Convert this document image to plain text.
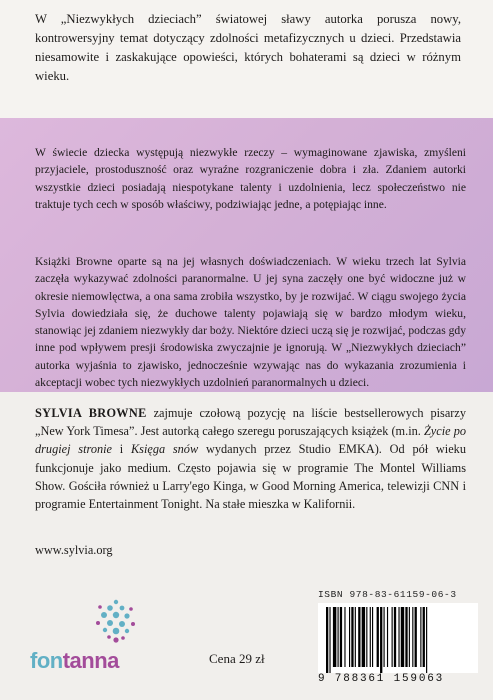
W „Niezwykłych dzieciach” światowej sławy autorka porusza nowy, kontrowersyjny temat dotyczący zdolności metafizycznych u dzieci. Przedstawia niesamowite i zaskakujące opowieści, których bohaterami są dzieci w różnym wieku.

W świecie dziecka występują niezwykłe rzeczy – wymaginowane zjawiska, zmyśleni przyjaciele, prostoduszność oraz wyraźne rozgraniczenie dobra i zła. Zdaniem autorki wszystkie dzieci posiadają niespotykane talenty i uzdolnienia, lecz społeczeństwo nie traktuje tych cech w sposób właściwy, podziwiając jedne, a potępiając inne.

Książki Browne oparte są na jej własnych doświadczeniach. W wieku trzech lat Sylvia zaczęła wykazywać zdolności paranormalne. U jej syna zaczęły one być widoczne już w okresie niemowlęctwa, a ona sama zrobiła wszystko, by je rozwijać. W ciągu swojego życia Sylvia dowiedziała się, że duchowe talenty pojawiają się w bardzo młodym wieku, stanowiąc jej zdaniem niezwykły dar boży. Niektóre dzieci uczą się je rozwijać, podczas gdy inne pod wpływem presji środowiska zwyczajnie je ignorują. W „Niezwykłych dzieciach” autorka wyjaśnia to zjawisko, jednocześnie wzywając nas do wykazania zrozumienia i akceptacji wobec tych niezwykłych uzdolnień paranormalnych u dzieci.

SYLVIA BROWNE zajmuje czołową pozycję na liście bestsellerowych pisarzy „New York Timesa”. Jest autorką całego szeregu poruszających książek (m.in. Życie po drugiej stronie i Księga snów wydanych przez Studio EMKA). Od pół wieku funkcjonuje jako medium. Często pojawia się w programie The Montel Williams Show. Gościła również u Larry'ego Kinga, w Good Morning America, telewizji CNN i programie Entertainment Tonight. Na stałe mieszka w Kalifornii.

www.sylvia.org

fontanna	Cena 29 zł

ISBN 978-83-61159-06-3
9 788361 159063
